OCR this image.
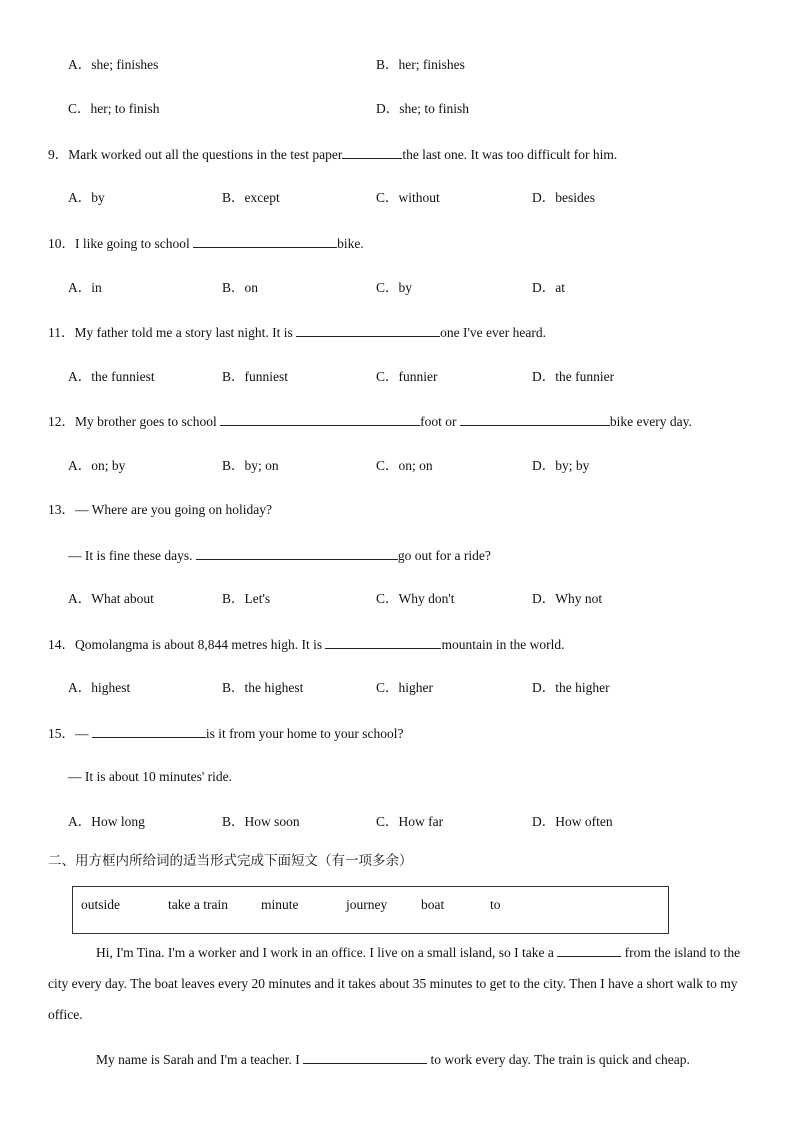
A．she; finishes	B．her; finishes
C．her; to finish	D．she; to finish
9．Mark worked out all the questions in the test paper	the last one. It was too difficult for him.
A．by	B．except	C．without	D．besides
10．I like going to school	bike.
A．in	B．on	C．by	D．at
11．My father told me a story last night. It is	one I've ever heard.
A．the funniest	B．funniest	C．funnier	D．the funnier
12．My brother goes to school	foot or	bike every day.
A．on; by	B．by; on	C．on; on	D．by; by
13．— Where are you going on holiday?
— It is fine these days.	go out for a ride?
A．What about	B．Let's	C．Why don't	D．Why not
14．Qomolangma is about 8,844 metres high. It is	mountain in the world.
A．highest	B．the highest	C．higher	D．the higher
15．—	is it from your home to your school?
— It is about 10 minutes' ride.
A．How long	B．How soon	C．How far	D．How often
二、用方框内所给词的适当形式完成下面短文（有一项多余）
outside	take a train minute	journey	boat	to
Hi, I'm Tina. I'm a worker and I work in an office. I live on a small island, so I take a	from the island to the city every day. The boat leaves every 20 minutes and it takes about 35 minutes to get to the city. Then I have a short walk to my office.
My name is Sarah and I'm a teacher. I	to work every day. The train is quick and cheap.
